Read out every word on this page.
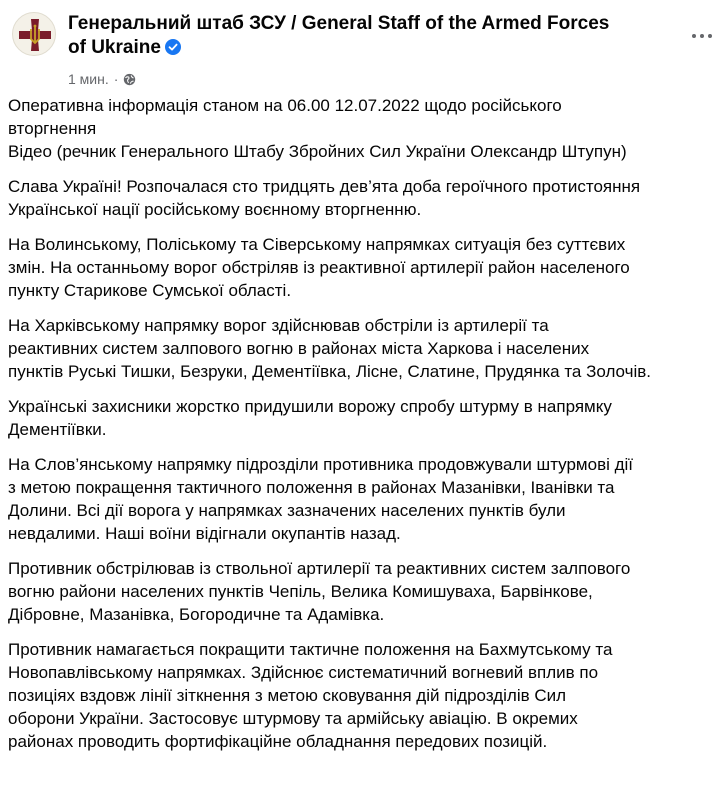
Генеральний штаб ЗСУ / General Staff of the Armed Forces of Ukraine
1 мин. ·

Оперативна інформація станом на 06.00 12.07.2022 щодо російського
вторгнення
Відео (речник Генерального Штабу Збройних Сил України Олександр Штупун)

Слава Україні! Розпочалася сто тридцять дев’ята доба героїчного протистояння
Української нації російському воєнному вторгненню.

На Волинському, Поліському та Сіверському напрямках ситуація без суттєвих
змін. На останньому ворог обстріляв із реактивної артилерії район населеного
пункту Старикове Сумської області.

На Харківському напрямку ворог здійснював обстріли із артилерії та
реактивних систем залпового вогню в районах міста Харкова і населених
пунктів Руські Тишки, Безруки, Дементіївка, Лісне, Слатине, Прудянка та Золочів.

Українські захисники жорстко придушили ворожу спробу штурму в напрямку
Дементіївки.

На Слов’янському напрямку підрозділи противника продовжували штурмові дії
з метою покращення тактичного положення в районах Мазанівки, Іванівки та
Долини. Всі дії ворога у напрямках зазначених населених пунктів були
невдалими. Наші воїни відігнали окупантів назад.

Противник обстрілював із ствольної артилерії та реактивних систем залпового
вогню райони населених пунктів Чепіль, Велика Комишуваха, Барвінкове,
Дібровне, Мазанівка, Богородичне та Адамівка.

Противник намагається покращити тактичне положення на Бахмутському та
Новопавлівському напрямках. Здійснює систематичний вогневий вплив по
позиціях вздовж лінії зіткнення з метою сковування дій підрозділів Сил
оборони України. Застосовує штурмову та армійську авіацію. В окремих
районах проводить фортифікаційне обладнання передових позицій.
